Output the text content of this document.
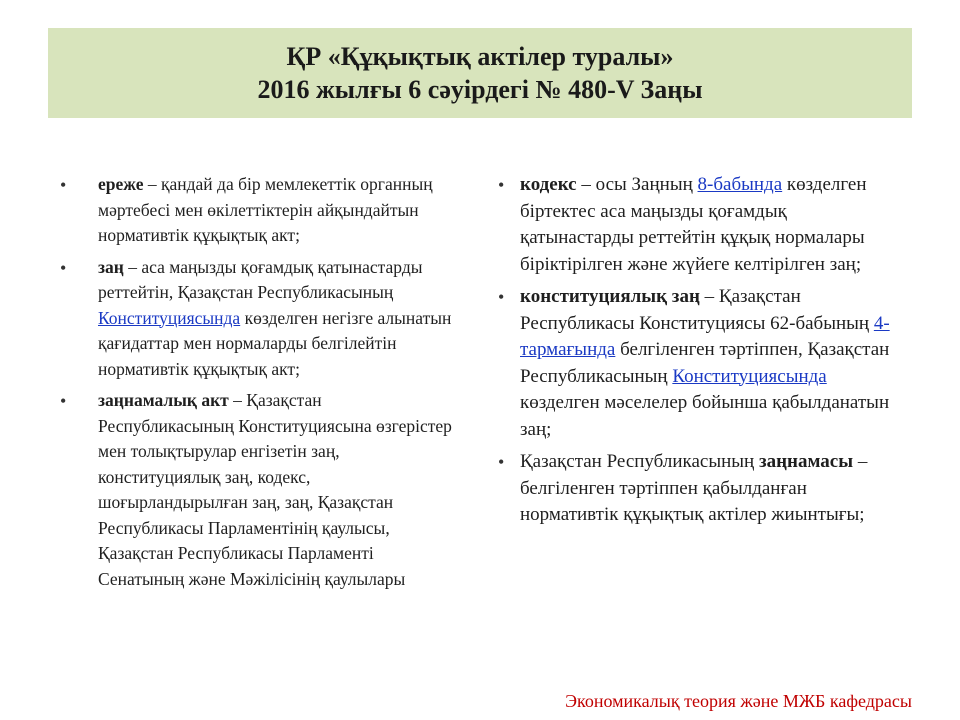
ҚР «Құқықтық актілер туралы»
2016 жылғы 6 сәуірдегі № 480-V Заңы
• ереже – қандай да бір мемлекеттік органның мәртебесі мен өкілеттіктерін айқындайтын нормативтік құқықтық акт;
• заң – аса маңызды қоғамдық қатынастарды реттейтін, Қазақстан Республикасының Конституциясында көзделген негізге алынатын қағидаттар мен нормаларды белгілейтін нормативтік құқықтық акт;
• заңнамалық акт – Қазақстан Республикасының Конституциясына өзгерістер мен толықтырулар енгізетін заң, конституциялық заң, кодекс, шоғырландырылған заң, заң, Қазақстан Республикасы Парламентінің қаулысы, Қазақстан Республикасы Парламенті Сенатының және Мәжілісінің қаулылары
• кодекс – осы Заңның 8-бабында көзделген біртектес аса маңызды қоғамдық қатынастарды реттейтін құқық нормалары біріктірілген және жүйеге келтірілген заң;
• конституциялық заң – Қазақстан Республикасы Конституциясы 62-бабының 4-тармағында белгіленген тәртіппен, Қазақстан Республикасының Конституциясында көзделген мәселелер бойынша қабылданатын заң;
• Қазақстан Республикасының заңнамасы – белгіленген тәртіппен қабылданған нормативтік құқықтық актілер жиынтығы;
Экономикалық теория және МЖБ кафедрасы
